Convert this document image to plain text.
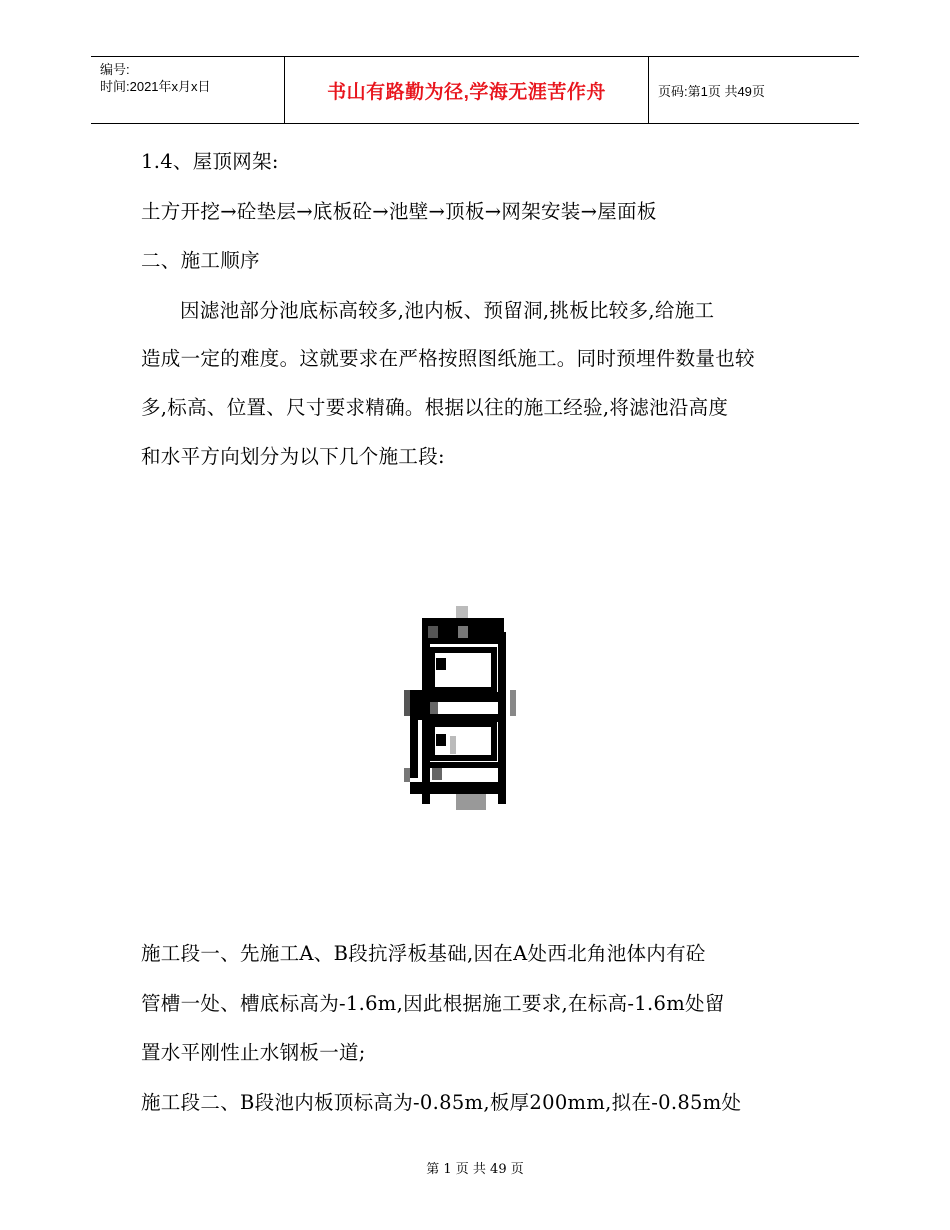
编号:
时间:2021年x月x日	书山有路勤为径,学海无涯苦作舟	页码:第1页 共49页
1.4、屋顶网架:
土方开挖→砼垫层→底板砼→池壁→顶板→网架安装→屋面板
二、施工顺序
因滤池部分池底标高较多,池内板、预留洞,挑板比较多,给施工
造成一定的难度。这就要求在严格按照图纸施工。同时预埋件数量也较
多,标高、位置、尺寸要求精确。根据以往的施工经验,将滤池沿高度
和水平方向划分为以下几个施工段:
施工段一、先施工A、B段抗浮板基础,因在A处西北角池体内有砼
管槽一处、槽底标高为-1.6m,因此根据施工要求,在标高-1.6m处留
置水平刚性止水钢板一道;
施工段二、B段池内板顶标高为-0.85m,板厚200mm,拟在-0.85m处
第 1 页 共 49 页
